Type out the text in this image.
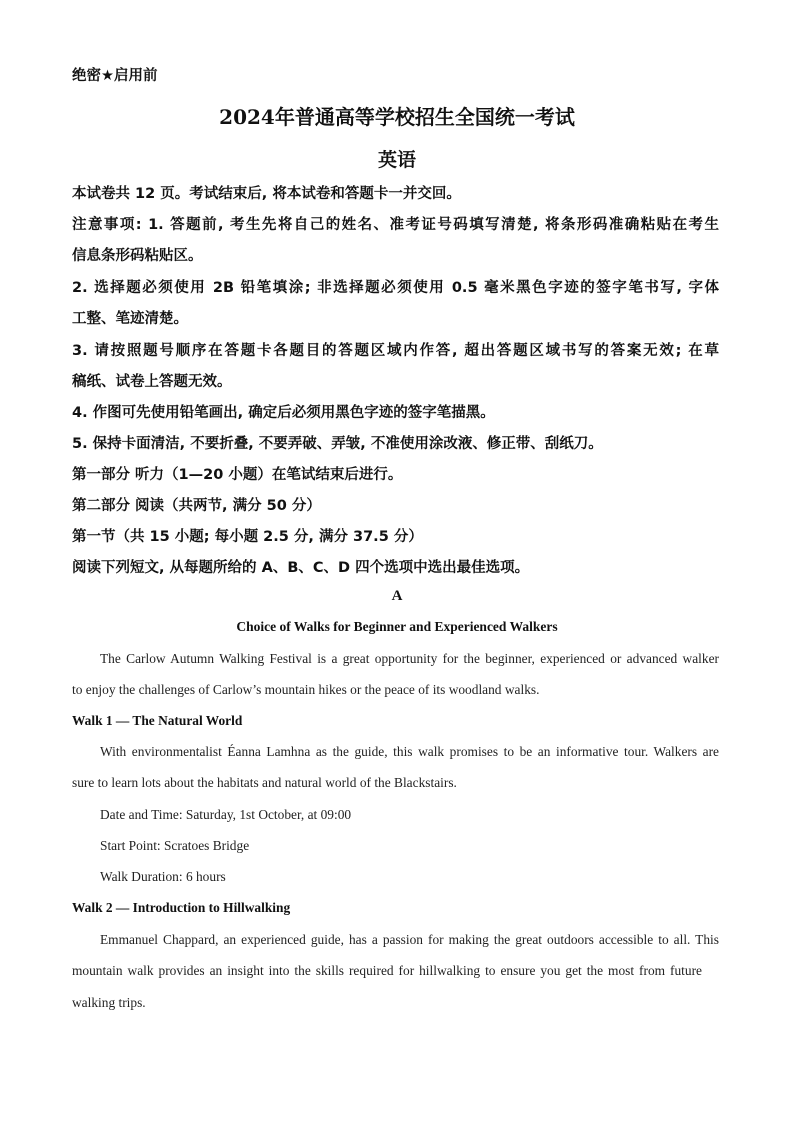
绝密★启用前
2024年普通高等学校招生全国统一考试
英语
本试卷共 12 页。考试结束后, 将本试卷和答题卡一并交回。
注意事项: 1. 答题前, 考生先将自己的姓名、准考证号码填写清楚, 将条形码准确粘贴在考生
信息条形码粘贴区。
2. 选择题必须使用 2B 铅笔填涂; 非选择题必须使用 0.5 毫米黑色字迹的签字笔书写, 字体
工整、笔迹清楚。
3. 请按照题号顺序在答题卡各题目的答题区域内作答, 超出答题区域书写的答案无效; 在草
稿纸、试卷上答题无效。
4. 作图可先使用铅笔画出, 确定后必须用黑色字迹的签字笔描黑。
5. 保持卡面清洁, 不要折叠, 不要弄破、弄皱, 不准使用涂改液、修正带、刮纸刀。
第一部分 听力（1—20 小题）在笔试结束后进行。
第二部分 阅读（共两节, 满分 50 分）
第一节（共 15 小题; 每小题 2.5 分, 满分 37.5 分）
阅读下列短文, 从每题所给的 A、B、C、D 四个选项中选出最佳选项。
A
Choice of Walks for Beginner and Experienced Walkers
The Carlow Autumn Walking Festival is a great opportunity for the beginner, experienced or advanced walker
to enjoy the challenges of Carlow’s mountain hikes or the peace of its woodland walks.
Walk 1 — The Natural World
With environmentalist Éanna Lamhna as the guide, this walk promises to be an informative tour. Walkers are
sure to learn lots about the habitats and natural world of the Blackstairs.
Date and Time: Saturday, 1st October, at 09:00
Start Point: Scratoes Bridge
Walk Duration: 6 hours
Walk 2 — Introduction to Hillwalking
Emmanuel Chappard, an experienced guide, has a passion for making the great outdoors accessible to all. This
mountain walk provides an insight into the skills required for hillwalking to ensure you get the most from future
walking trips.
